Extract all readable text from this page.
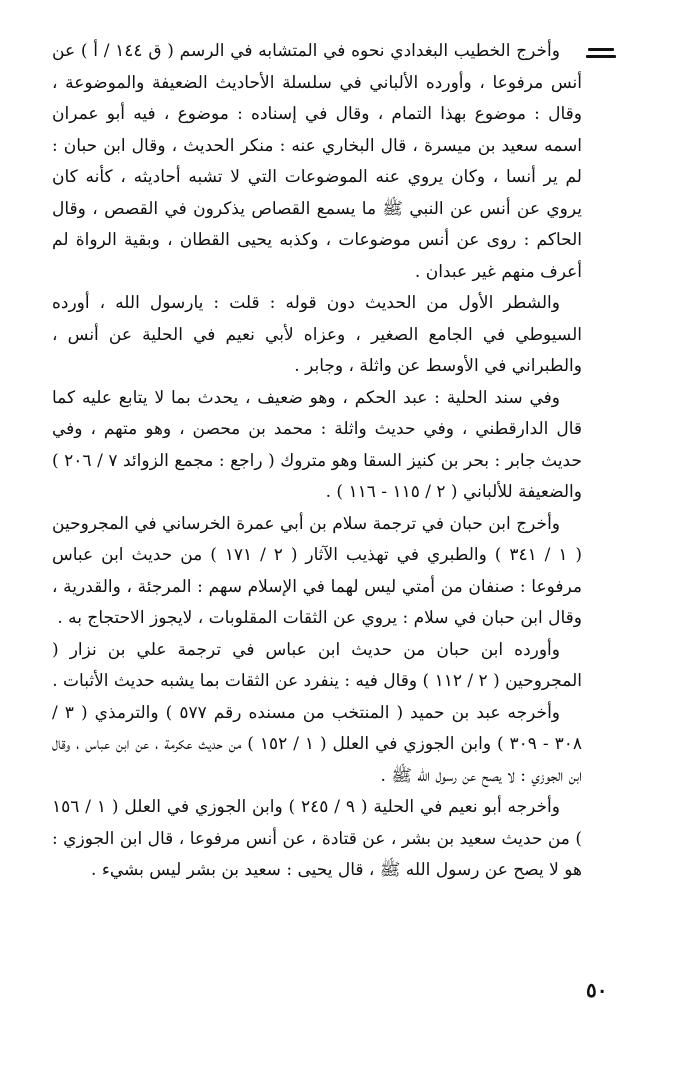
وأخرج الخطيب البغدادي نحوه في المتشابه في الرسم ( ق ١٤٤ / أ ) عن أنس مرفوعا ، وأورده الألباني في سلسلة الأحاديث الضعيفة والموضوعة ، وقال : موضوع بهذا التمام ، وقال في إسناده : موضوع ، فيه أبو عمران اسمه سعيد بن ميسرة ، قال البخاري عنه : منكر الحديث ، وقال ابن حبان : لم ير أنسا ، وكان يروي عنه الموضوعات التي لا تشبه أحاديثه ، كأنه كان يروي عن أنس عن النبي ﷺ ما يسمع القصاص يذكرون في القصص ، وقال الحاكم : روى عن أنس موضوعات ، وكذبه يحيى القطان ، وبقية الرواة لم أعرف منهم غير عبدان .

والشطر الأول من الحديث دون قوله : قلت : يارسول الله ، أورده السيوطي في الجامع الصغير ، وعزاه لأبي نعيم في الحلية عن أنس ، والطبراني في الأوسط عن واثلة ، وجابر .

وفي سند الحلية : عبد الحكم ، وهو ضعيف ، يحدث بما لا يتابع عليه كما قال الدارقطني ، وفي حديث واثلة : محمد بن محصن ، وهو متهم ، وفي حديث جابر : بحر بن كنيز السقا وهو متروك ( راجع : مجمع الزوائد ٧ / ٢٠٦ ) والضعيفة للألباني ( ٢ / ١١٥ - ١١٦ ) .

وأخرج ابن حبان في ترجمة سلام بن أبي عمرة الخرساني في المجروحين ( ١ / ٣٤١ ) والطبري في تهذيب الآثار ( ٢ / ١٧١ ) من حديث ابن عباس مرفوعا : صنفان من أمتي ليس لهما في الإسلام سهم : المرجئة ، والقدرية ، وقال ابن حبان في سلام : يروي عن الثقات المقلوبات ، لايجوز الاحتجاج به .

وأورده ابن حبان من حديث ابن عباس في ترجمة علي بن نزار ( المجروحين ( ٢ / ١١٢ ) وقال فيه : ينفرد عن الثقات بما يشبه حديث الأثبات .

وأخرجه عبد بن حميد ( المنتخب من مسنده رقم ٥٧٧ ) والترمذي ( ٣ / ٣٠٨ - ٣٠٩ ) وابن الجوزي في العلل ( ١ / ١٥٢ ) من حديث عكرمة ، عن ابن عباس ، وقال ابن الجوزي : لا يصح عن رسول الله ﷺ .

وأخرجه أبو نعيم في الحلية ( ٩ / ٢٤٥ ) وابن الجوزي في العلل ( ١ / ١٥٦ ) من حديث سعيد بن بشر ، عن قتادة ، عن أنس مرفوعا ، قال ابن الجوزي : هو لا يصح عن رسول الله ﷺ ، قال يحيى : سعيد بن بشر ليس بشيء .

٥٠
